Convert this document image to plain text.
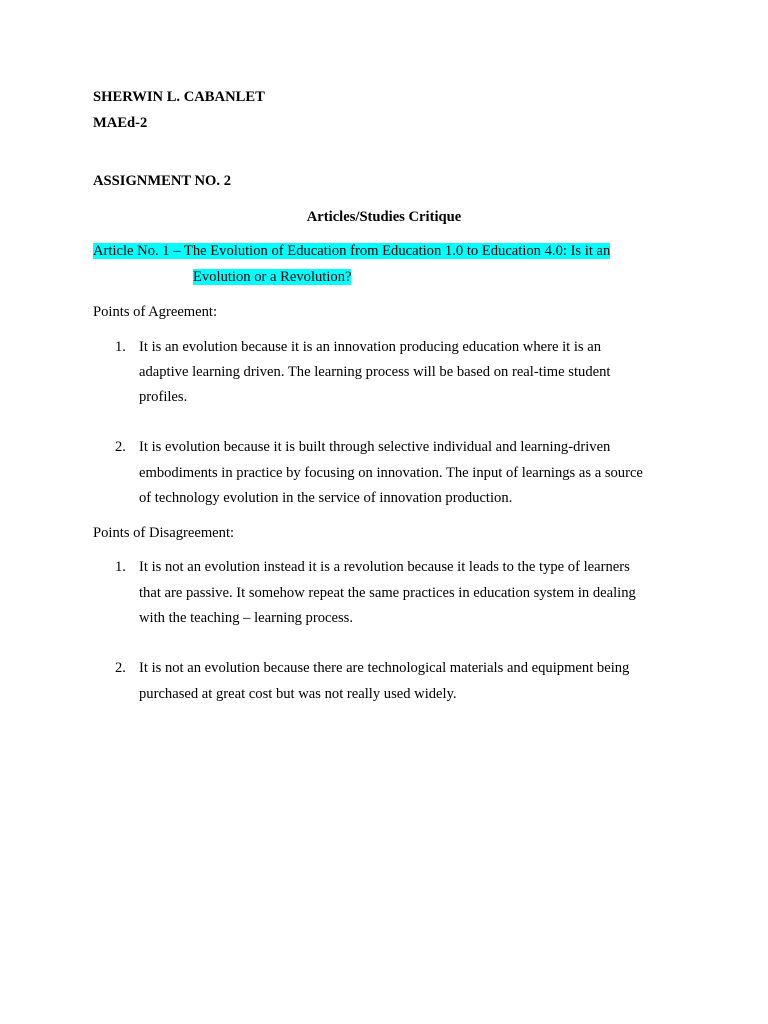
SHERWIN L. CABANLET
MAEd-2
ASSIGNMENT NO. 2
Articles/Studies Critique
Article No. 1 – The Evolution of Education from Education 1.0 to Education 4.0: Is it an
Evolution or a Revolution?
Points of Agreement:
1. It is an evolution because it is an innovation producing education where it is an
adaptive learning driven. The learning process will be based on real-time student
profiles.
2. It is evolution because it is built through selective individual and learning-driven
embodiments in practice by focusing on innovation. The input of learnings as a source
of technology evolution in the service of innovation production.
Points of Disagreement:
1. It is not an evolution instead it is a revolution because it leads to the type of learners
that are passive. It somehow repeat the same practices in education system in dealing
with the teaching – learning process.
2. It is not an evolution because there are technological materials and equipment being
purchased at great cost but was not really used widely.
